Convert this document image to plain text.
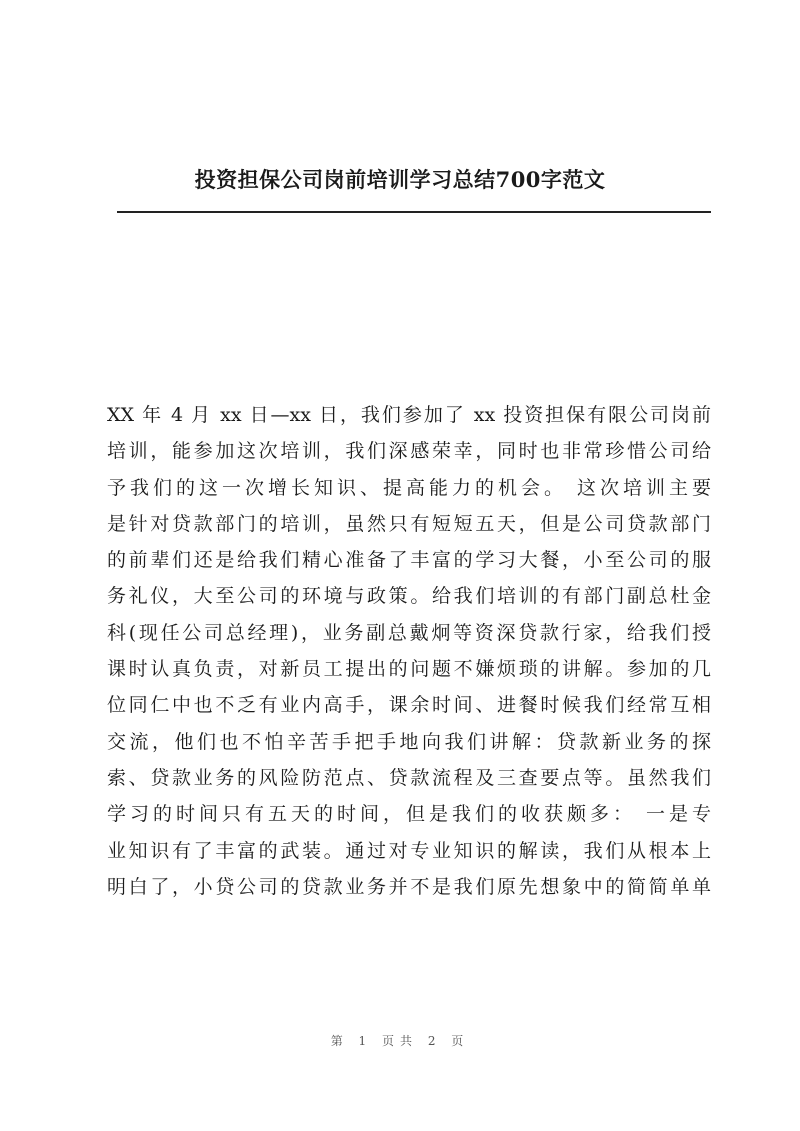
投资担保公司岗前培训学习总结700字范文
XX 年 4 月 xx 日—xx 日，我们参加了 xx 投资担保有限公司岗前
培训，能参加这次培训，我们深感荣幸，同时也非常珍惜公司给
予我们的这一次增长知识、提高能力的机会。 这次培训主要
是针对贷款部门的培训，虽然只有短短五天，但是公司贷款部门
的前辈们还是给我们精心准备了丰富的学习大餐，小至公司的服
务礼仪，大至公司的环境与政策。给我们培训的有部门副总杜金
科(现任公司总经理)，业务副总戴炯等资深贷款行家，给我们授
课时认真负责，对新员工提出的问题不嫌烦琐的讲解。参加的几
位同仁中也不乏有业内高手，课余时间、进餐时候我们经常互相
交流，他们也不怕辛苦手把手地向我们讲解：贷款新业务的探
索、贷款业务的风险防范点、贷款流程及三查要点等。虽然我们
学习的时间只有五天的时间，但是我们的收获颇多： 一是专
业知识有了丰富的武装。通过对专业知识的解读，我们从根本上
明白了，小贷公司的贷款业务并不是我们原先想象中的简简单单
第 1 页共 2 页
